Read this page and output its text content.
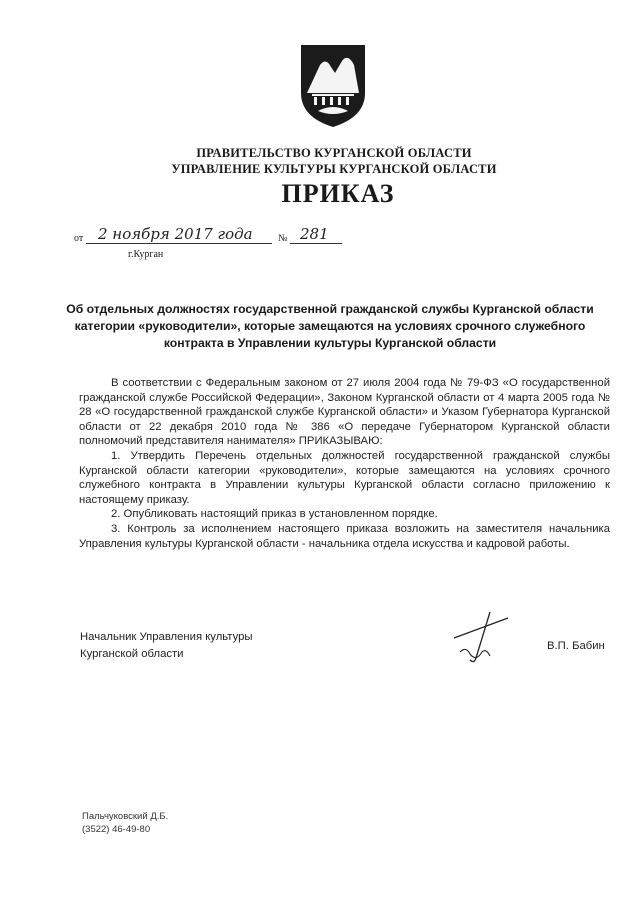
ПРАВИТЕЛЬСТВО КУРГАНСКОЙ ОБЛАСТИ
УПРАВЛЕНИЕ КУЛЬТУРЫ КУРГАНСКОЙ ОБЛАСТИ
ПРИКАЗ
от 2 ноября 2017 года	№ 281
г.Курган
Об отдельных должностях государственной гражданской службы Курганской области категории «руководители», которые замещаются на условиях срочного служебного контракта в Управлении культуры Курганской области

В соответствии с Федеральным законом от 27 июля 2004 года № 79-ФЗ «О государственной гражданской службе Российской Федерации», Законом Курганской области от 4 марта 2005 года № 28 «О государственной гражданской службе Курганской области» и Указом Губернатора Курганской области от 22 декабря 2010 года № 386 «О передаче Губернатором Курганской области полномочий представителя нанимателя» ПРИКАЗЫВАЮ:

1. Утвердить Перечень отдельных должностей государственной гражданской службы Курганской области категории «руководители», которые замещаются на условиях срочного служебного контракта в Управлении культуры Курганской области согласно приложению к настоящему приказу.

2. Опубликовать настоящий приказ в установленном порядке.

3. Контроль за исполнением настоящего приказа возложить на заместителя начальника Управления культуры Курганской области - начальника отдела искусства и кадровой работы.

Начальник Управления культуры
Курганской области
В.П. Бабин
Пальчуковский Д.Б.
(3522) 46-49-80
